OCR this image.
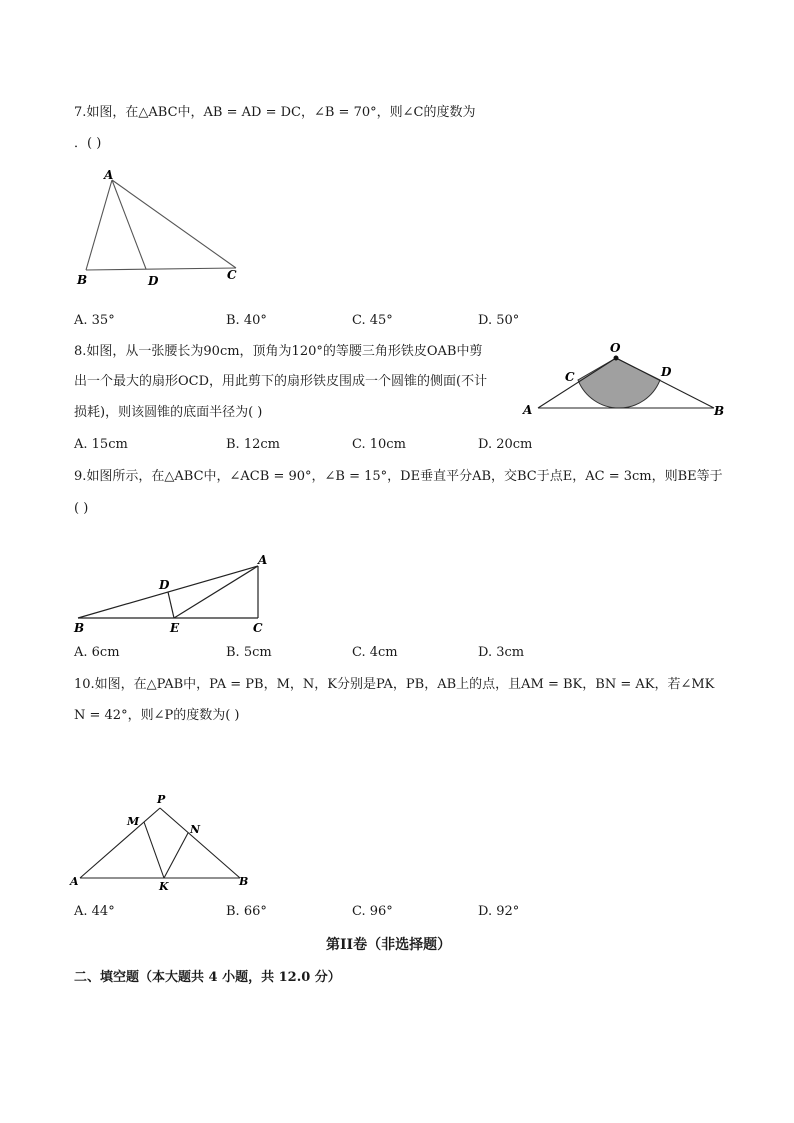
7.如图，在△ABC中，AB = AD = DC，∠B = 70°，则∠C的度数为
．( )
A
B	D	C
A. 35°	B. 40°	C. 45°	D. 50°
8.如图，从一张腰长为90cm，顶角为120°的等腰三角形铁皮OAB中剪
出一个最大的扇形OCD，用此剪下的扇形铁皮围成一个圆锥的侧面(不计
损耗)，则该圆锥的底面半径为( )
O
C	D
A	B
A. 15cm	B. 12cm	C. 10cm	D. 20cm
9.如图所示，在△ABC中，∠ACB = 90°，∠B = 15°，DE垂直平分AB，交BC于点E，AC = 3cm，则BE等于
( )
A
D
B	E	C
A. 6cm	B. 5cm	C. 4cm	D. 3cm
10.如图，在△PAB中，PA = PB，M，N，K分别是PA，PB，AB上的点，且AM = BK，BN = AK，若∠MK
N = 42°，则∠P的度数为( )
P
M
N
A	K	B
A. 44°	B. 66°	C. 96°	D. 92°
第II卷（非选择题）
二、填空题（本大题共 4 小题，共 12.0 分）
